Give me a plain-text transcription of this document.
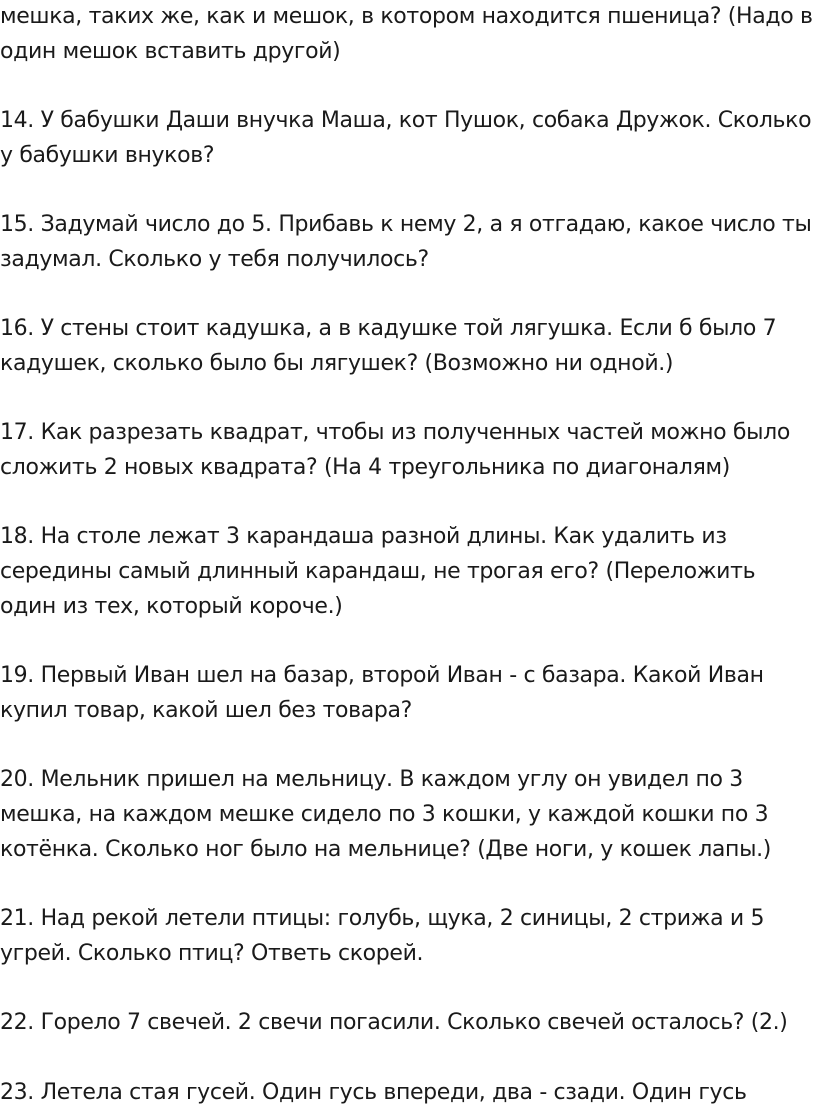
мешка, таких же, как и мешок, в котором находится пшеница? (Надо в один мешок вставить другой)

14. У бабушки Даши внучка Маша, кот Пушок, собака Дружок. Сколько у бабушки внуков?

15. Задумай число до 5. Прибавь к нему 2, а я отгадаю, какое число ты задумал. Сколько у тебя получилось?

16. У стены стоит кадушка, а в кадушке той лягушка. Если б было 7 кадушек, сколько было бы лягушек? (Возможно ни одной.)

17. Как разрезать квадрат, чтобы из полученных частей можно было сложить 2 новых квадрата? (На 4 треугольника по диагоналям)

18. На столе лежат 3 карандаша разной длины. Как удалить из середины самый длинный карандаш, не трогая его? (Переложить один из тех, который короче.)

19. Первый Иван шел на базар, второй Иван - с базара. Какой Иван купил товар, какой шел без товара?

20. Мельник пришел на мельницу. В каждом углу он увидел по 3 мешка, на каждом мешке сидело по 3 кошки, у каждой кошки по 3 котёнка. Сколько ног было на мельнице? (Две ноги, у кошек лапы.)

21. Над рекой летели птицы: голубь, щука, 2 синицы, 2 стрижа и 5 угрей. Сколько птиц? Ответь скорей.

22. Горело 7 свечей. 2 свечи погасили. Сколько свечей осталось? (2.)

23. Летела стая гусей. Один гусь впереди, два - сзади. Один гусь
